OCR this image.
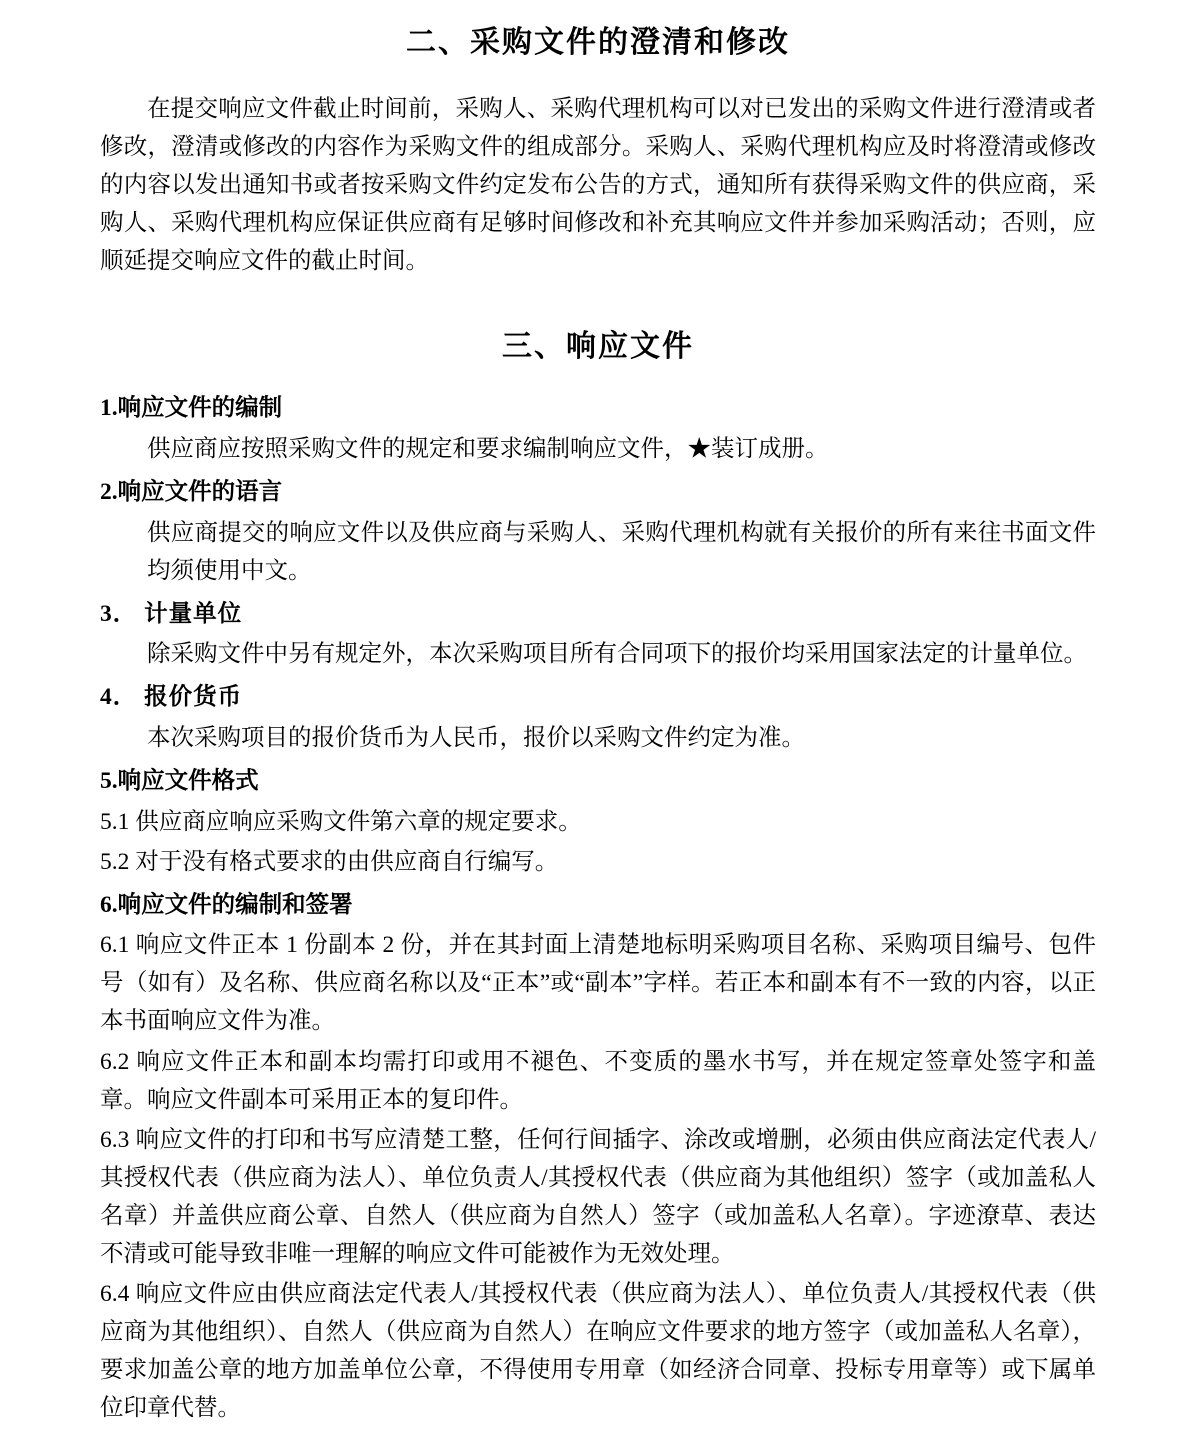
二、采购文件的澄清和修改

在提交响应文件截止时间前，采购人、采购代理机构可以对已发出的采购文件进行澄清或者修改，澄清或修改的内容作为采购文件的组成部分。采购人、采购代理机构应及时将澄清或修改的内容以发出通知书或者按采购文件约定发布公告的方式，通知所有获得采购文件的供应商，采购人、采购代理机构应保证供应商有足够时间修改和补充其响应文件并参加采购活动；否则，应顺延提交响应文件的截止时间。

三、响应文件
1.响应文件的编制

供应商应按照采购文件的规定和要求编制响应文件，★装订成册。

2.响应文件的语言

供应商提交的响应文件以及供应商与采购人、采购代理机构就有关报价的所有来往书面文件均须使用中文。

3． 计量单位

除采购文件中另有规定外，本次采购项目所有合同项下的报价均采用国家法定的计量单位。

4． 报价货币

本次采购项目的报价货币为人民币，报价以采购文件约定为准。

5.响应文件格式

5.1 供应商应响应采购文件第六章的规定要求。

5.2 对于没有格式要求的由供应商自行编写。

6.响应文件的编制和签署

6.1 响应文件正本 1 份副本 2 份，并在其封面上清楚地标明采购项目名称、采购项目编号、包件号（如有）及名称、供应商名称以及“正本”或“副本”字样。若正本和副本有不一致的内容，以正本书面响应文件为准。

6.2 响应文件正本和副本均需打印或用不褪色、不变质的墨水书写，并在规定签章处签字和盖章。响应文件副本可采用正本的复印件。

6.3 响应文件的打印和书写应清楚工整，任何行间插字、涂改或增删，必须由供应商法定代表人/其授权代表（供应商为法人）、单位负责人/其授权代表（供应商为其他组织）签字（或加盖私人名章）并盖供应商公章、自然人（供应商为自然人）签字（或加盖私人名章）。字迹潦草、表达不清或可能导致非唯一理解的响应文件可能被作为无效处理。

6.4 响应文件应由供应商法定代表人/其授权代表（供应商为法人）、单位负责人/其授权代表（供应商为其他组织）、自然人（供应商为自然人）在响应文件要求的地方签字（或加盖私人名章），要求加盖公章的地方加盖单位公章，不得使用专用章（如经济合同章、投标专用章等）或下属单位印章代替。
